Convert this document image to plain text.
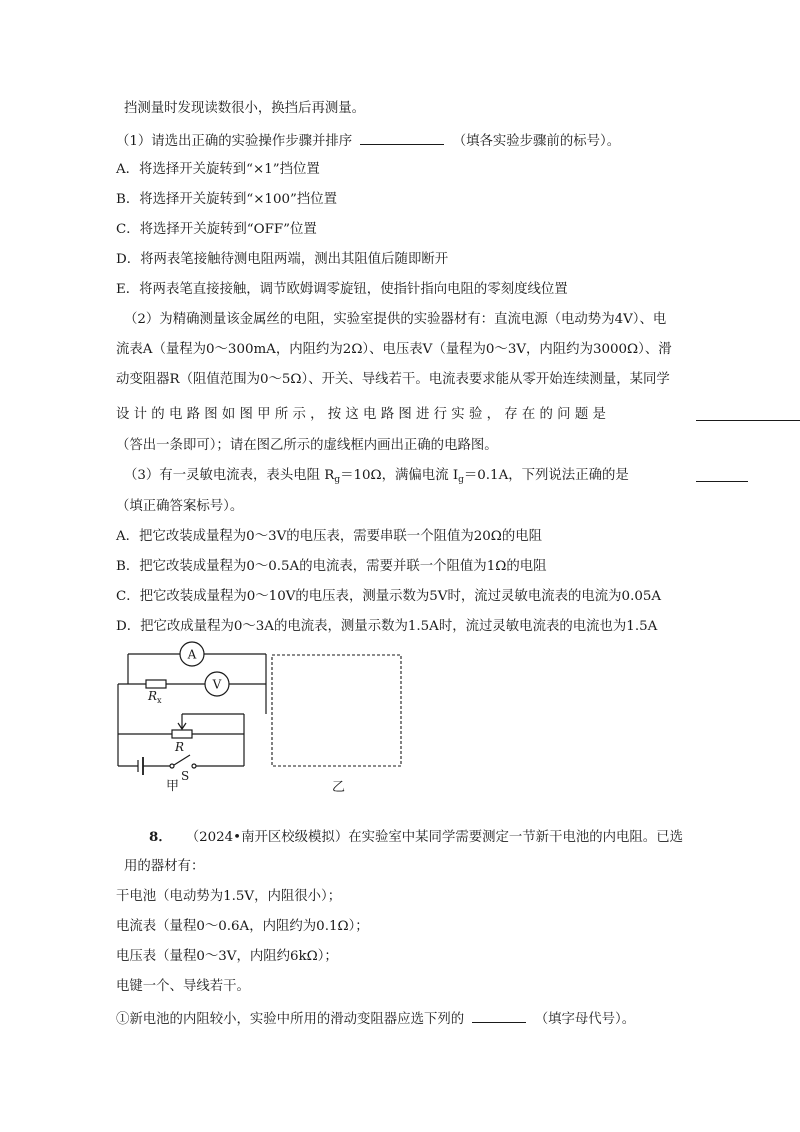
挡测量时发现读数很小，换挡后再测量。
（1）请选出正确的实验操作步骤并排序	（填各实验步骤前的标号）。
A．将选择开关旋转到“×1”挡位置
B．将选择开关旋转到“×100”挡位置
C．将选择开关旋转到“OFF”位置
D．将两表笔接触待测电阻两端，测出其阻值后随即断开
E．将两表笔直接接触，调节欧姆调零旋钮，使指针指向电阻的零刻度线位置
（2）为精确测量该金属丝的电阻，实验室提供的实验器材有：直流电源（电动势为4V）、电
流表A（量程为0～300mA，内阻约为2Ω）、电压表V（量程为0～3V，内阻约为3000Ω）、滑
动变阻器R（阻值范围为0～5Ω）、开关、导线若干。电流表要求能从零开始连续测量，某同学
设 计 的 电 路 图 如 图 甲 所 示 ， 按 这 电 路 图 进 行 实 验 ， 存 在 的 问 题 是
（答出一条即可）；请在图乙所示的虚线框内画出正确的电路图。
（3）有一灵敏电流表，表头电阻 $R_g=10\Omega$，满偏电流 $I_g=0.1A$，下列说法正确的是
（填正确答案标号）。
A．把它改装成量程为0～3V的电压表，需要串联一个阻值为20Ω的电阻
B．把它改装成量程为0～0.5A的电流表，需要并联一个阻值为1Ω的电阻
C．把它改装成量程为0～10V的电压表，测量示数为5V时，流过灵敏电流表的电流为0.05A
D．把它改成量程为0～3A的电流表，测量示数为1.5A时，流过灵敏电流表的电流也为1.5A
A
V
R x
R
S
甲	乙
8． （2024•南开区校级模拟）在实验室中某同学需要测定一节新干电池的内电阻。已选
用的器材有：
干电池（电动势为1.5V，内阻很小）；
电流表（量程0～0.6A，内阻约为0.1Ω）；
电压表（量程0～3V，内阻约6kΩ）；
电键一个、导线若干。
①新电池的内阻较小，实验中所用的滑动变阻器应选下列的	（填字母代号）。
